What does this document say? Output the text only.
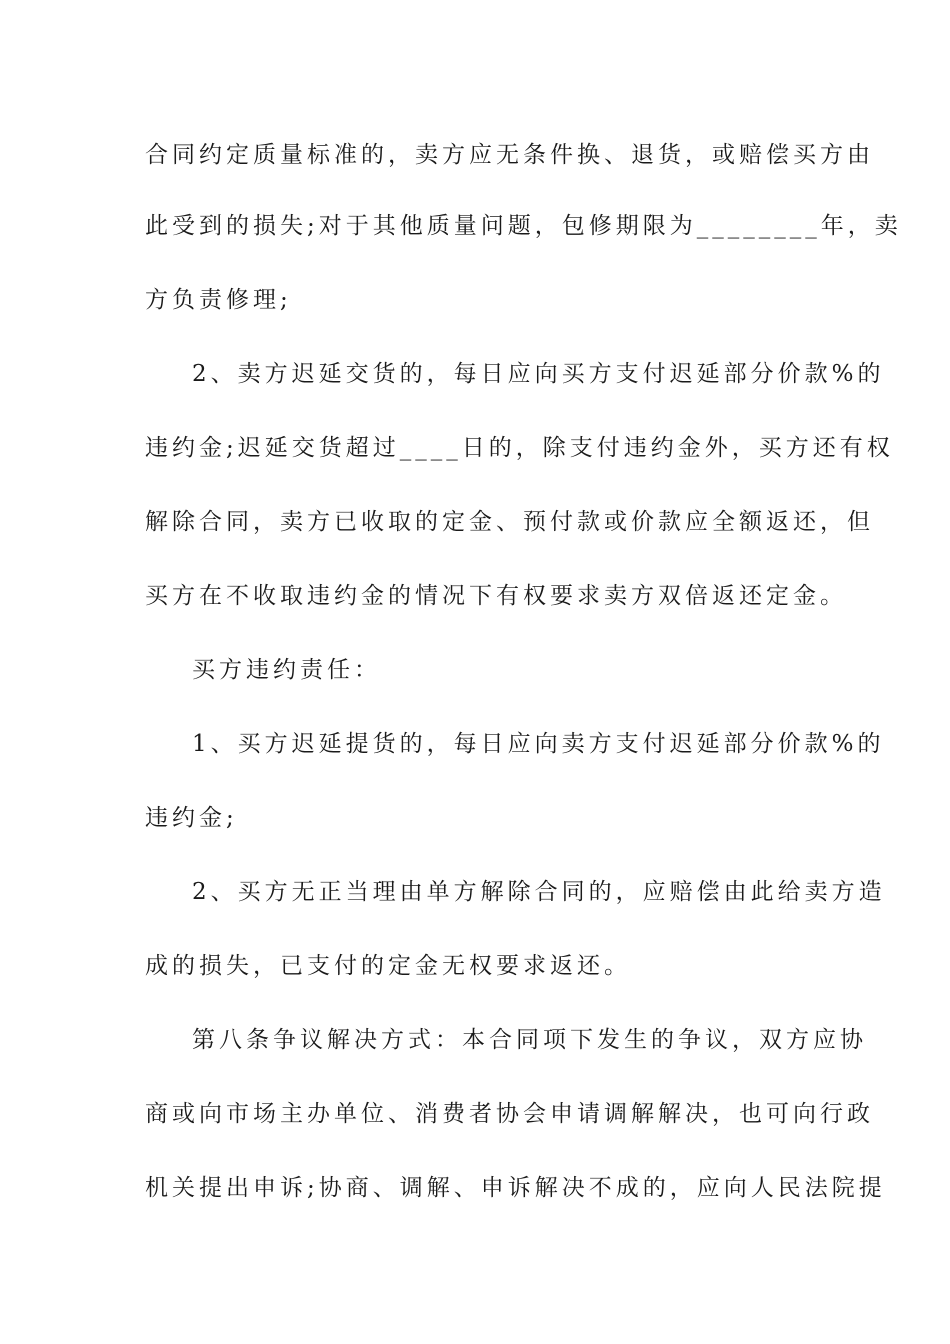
合同约定质量标准的，卖方应无条件换、退货，或赔偿买方由
此受到的损失;对于其他质量问题，包修期限为________年，卖
方负责修理;
2、卖方迟延交货的，每日应向买方支付迟延部分价款%的
违约金;迟延交货超过____日的，除支付违约金外，买方还有权
解除合同，卖方已收取的定金、预付款或价款应全额返还，但
买方在不收取违约金的情况下有权要求卖方双倍返还定金。
买方违约责任：
1、买方迟延提货的，每日应向卖方支付迟延部分价款%的
违约金;
2、买方无正当理由单方解除合同的，应赔偿由此给卖方造
成的损失，已支付的定金无权要求返还。
第八条争议解决方式：本合同项下发生的争议，双方应协
商或向市场主办单位、消费者协会申请调解解决，也可向行政
机关提出申诉;协商、调解、申诉解决不成的，应向人民法院提
